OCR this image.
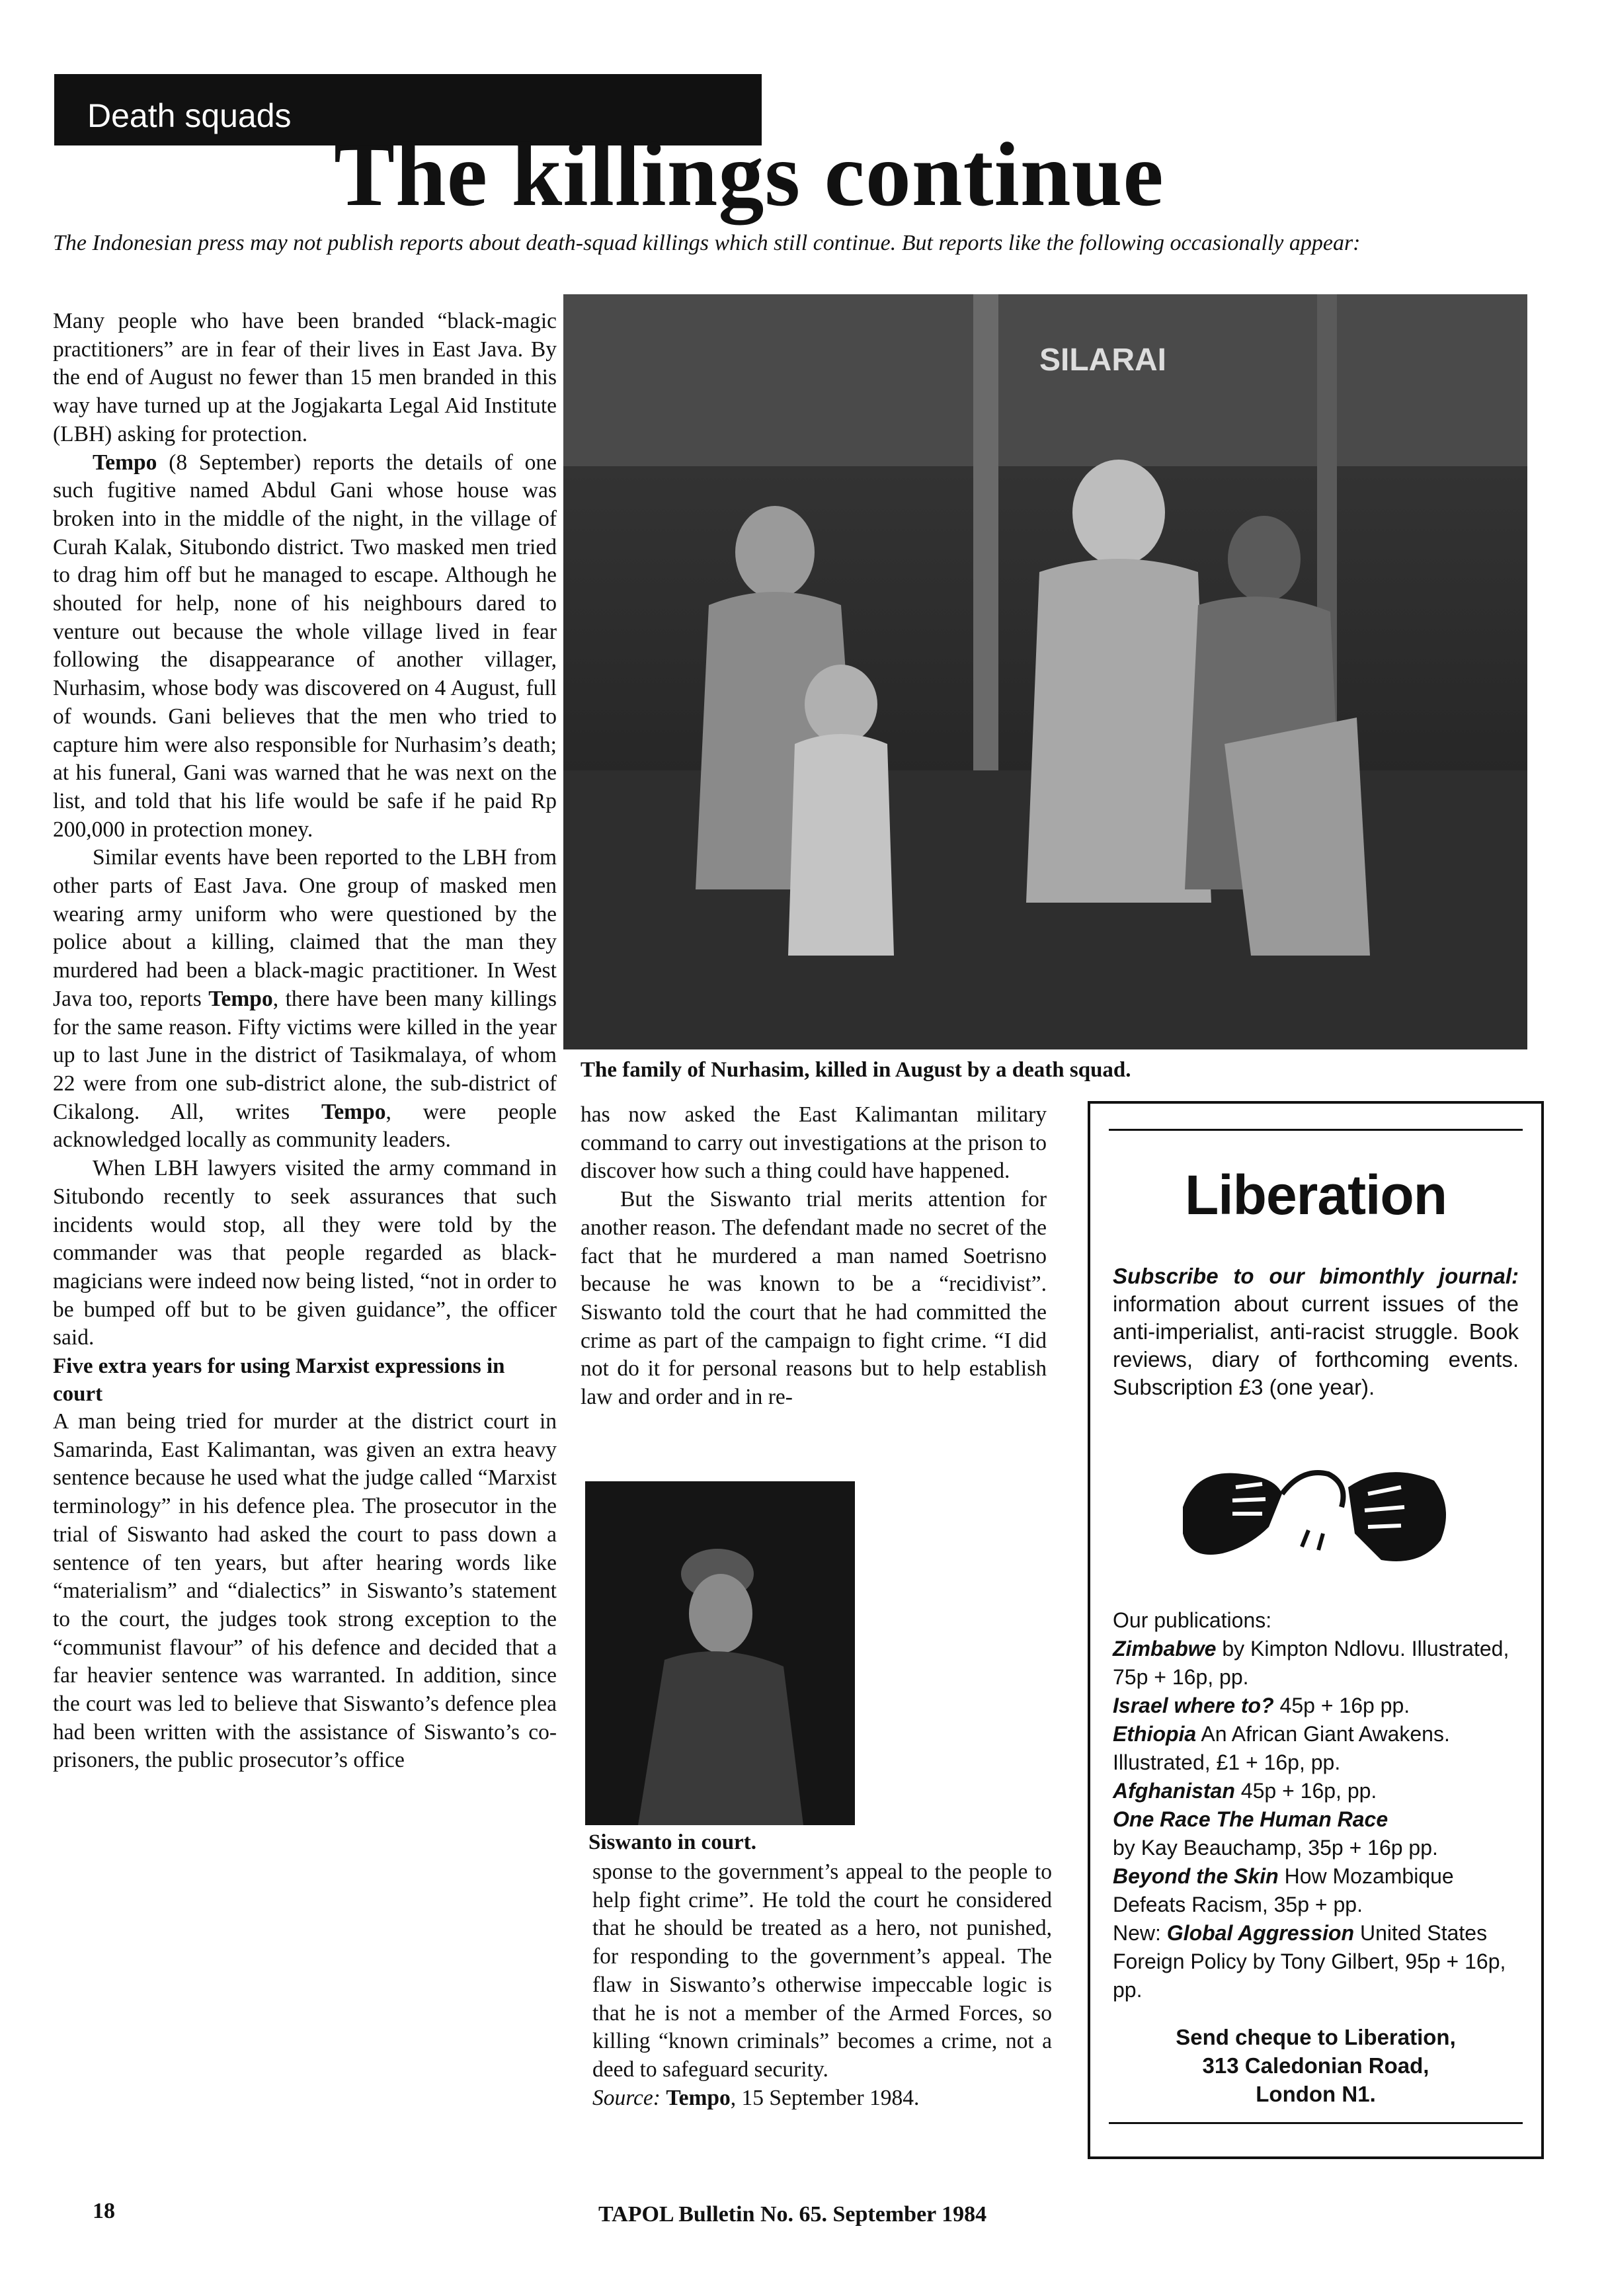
Death squads
The killings continue
The Indonesian press may not publish reports about death-squad killings which still continue. But reports like the following occasionally appear:

Many people who have been branded “black-magic practitioners” are in fear of their lives in East Java. By the end of August no fewer than 15 men branded in this way have turned up at the Jogjakarta Legal Aid Institute (LBH) asking for protection.

Tempo (8 September) reports the details of one such fugitive named Abdul Gani whose house was broken into in the middle of the night, in the village of Curah Kalak, Situbondo district. Two masked men tried to drag him off but he managed to escape. Although he shouted for help, none of his neighbours dared to venture out because the whole village lived in fear following the disappearance of another villager, Nurhasim, whose body was discovered on 4 August, full of wounds. Gani believes that the men who tried to capture him were also responsible for Nurhasim’s death; at his funeral, Gani was warned that he was next on the list, and told that his life would be safe if he paid Rp 200,000 in protection money.

Similar events have been reported to the LBH from other parts of East Java. One group of masked men wearing army uniform who were questioned by the police about a killing, claimed that the man they murdered had been a black-magic practitioner. In West Java too, reports Tempo, there have been many killings for the same reason. Fifty victims were killed in the year up to last June in the district of Tasikmalaya, of whom 22 were from one sub-district alone, the sub-district of Cikalong. All, writes Tempo, were people acknowledged locally as community leaders.

When LBH lawyers visited the army command in Situbondo recently to seek assurances that such incidents would stop, all they were told by the commander was that people regarded as black-magicians were indeed now being listed, “not in order to be bumped off but to be given guidance”, the officer said.

Five extra years for using Marxist expressions in court

A man being tried for murder at the district court in Samarinda, East Kalimantan, was given an extra heavy sentence because he used what the judge called “Marxist terminology” in his defence plea. The prosecutor in the trial of Siswanto had asked the court to pass down a sentence of ten years, but after hearing words like “materialism” and “dialectics” in Siswanto’s statement to the court, the judges took strong exception to the “communist flavour” of his defence and decided that a far heavier sentence was warranted. In addition, since the court was led to believe that Siswanto’s defence plea had been written with the assistance of Siswanto’s co-prisoners, the public prosecutor’s office

SILARAI
The family of Nurhasim, killed in August by a death squad.

has now asked the East Kalimantan military command to carry out investigations at the prison to discover how such a thing could have happened.

But the Siswanto trial merits attention for another reason. The defendant made no secret of the fact that he murdered a man named Soetrisno because he was known to be a “recidivist”. Siswanto told the court that he had committed the crime as part of the campaign to fight crime. “I did not do it for personal reasons but to help establish law and order and in re-

Siswanto in court.

sponse to the government’s appeal to the people to help fight crime”. He told the court he considered that he should be treated as a hero, not punished, for responding to the government’s appeal. The flaw in Siswanto’s otherwise impeccable logic is that he is not a member of the Armed Forces, so killing “known criminals” becomes a crime, not a deed to safeguard security.

Source: Tempo, 15 September 1984.

Liberation
Subscribe to our bimonthly journal: information about current issues of the anti-imperialist, anti-racist struggle. Book reviews, diary of forthcoming events. Subscription £3 (one year).
Our publications:
Zimbabwe by Kimpton Ndlovu. Illustrated, 75p + 16p, pp.
Israel where to? 45p + 16p pp.
Ethiopia An African Giant Awakens. Illustrated, £1 + 16p, pp.
Afghanistan 45p + 16p, pp.
One Race The Human Race
by Kay Beauchamp, 35p + 16p pp.
Beyond the Skin How Mozambique Defeats Racism, 35p + pp.
New: Global Aggression United States Foreign Policy by Tony Gilbert, 95p + 16p, pp.
Send cheque to Liberation,
313 Caledonian Road,
London N1.
18	TAPOL Bulletin No. 65. September 1984
